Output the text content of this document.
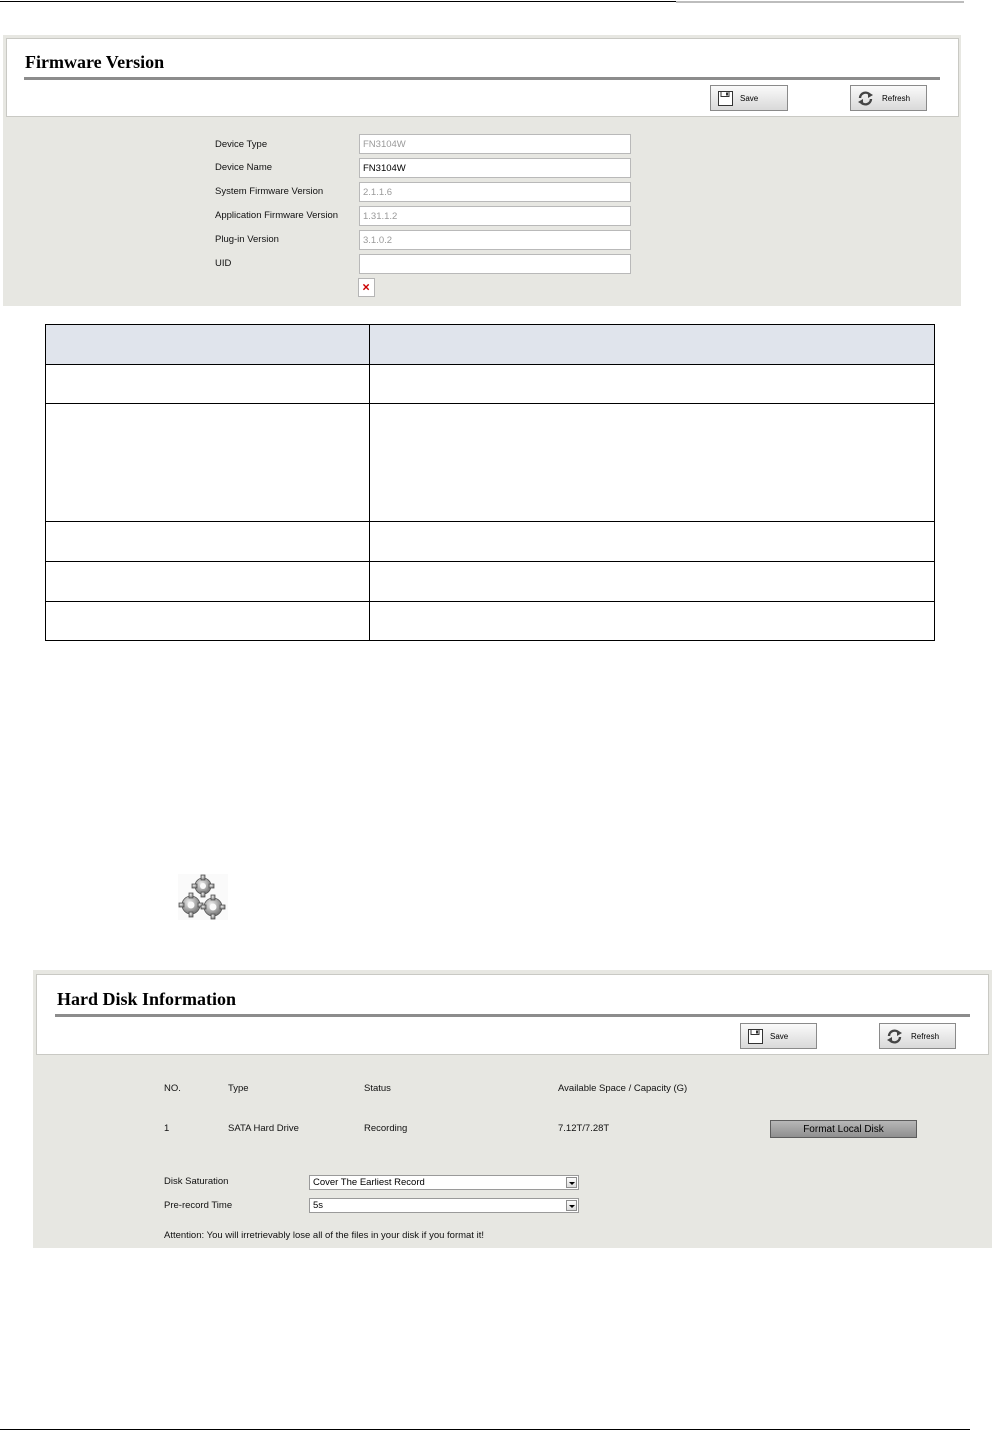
Firmware Version
Save	Refresh
Device Type	FN3104W
Device Name	FN3104W
System Firmware Version	2.1.1.6
Application Firmware Version	1.31.1.2
Plug-in Version	3.1.0.2
UID

Hard Disk Information
Save	Refresh
NO.	Type	Status	Available Space / Capacity (G)
1	SATA Hard Drive	Recording	7.12T/7.28T	Format Local Disk
Disk Saturation	Cover The Earliest Record
Pre-record Time	5s
Attention: You will irretrievably lose all of the files in your disk if you format it!
